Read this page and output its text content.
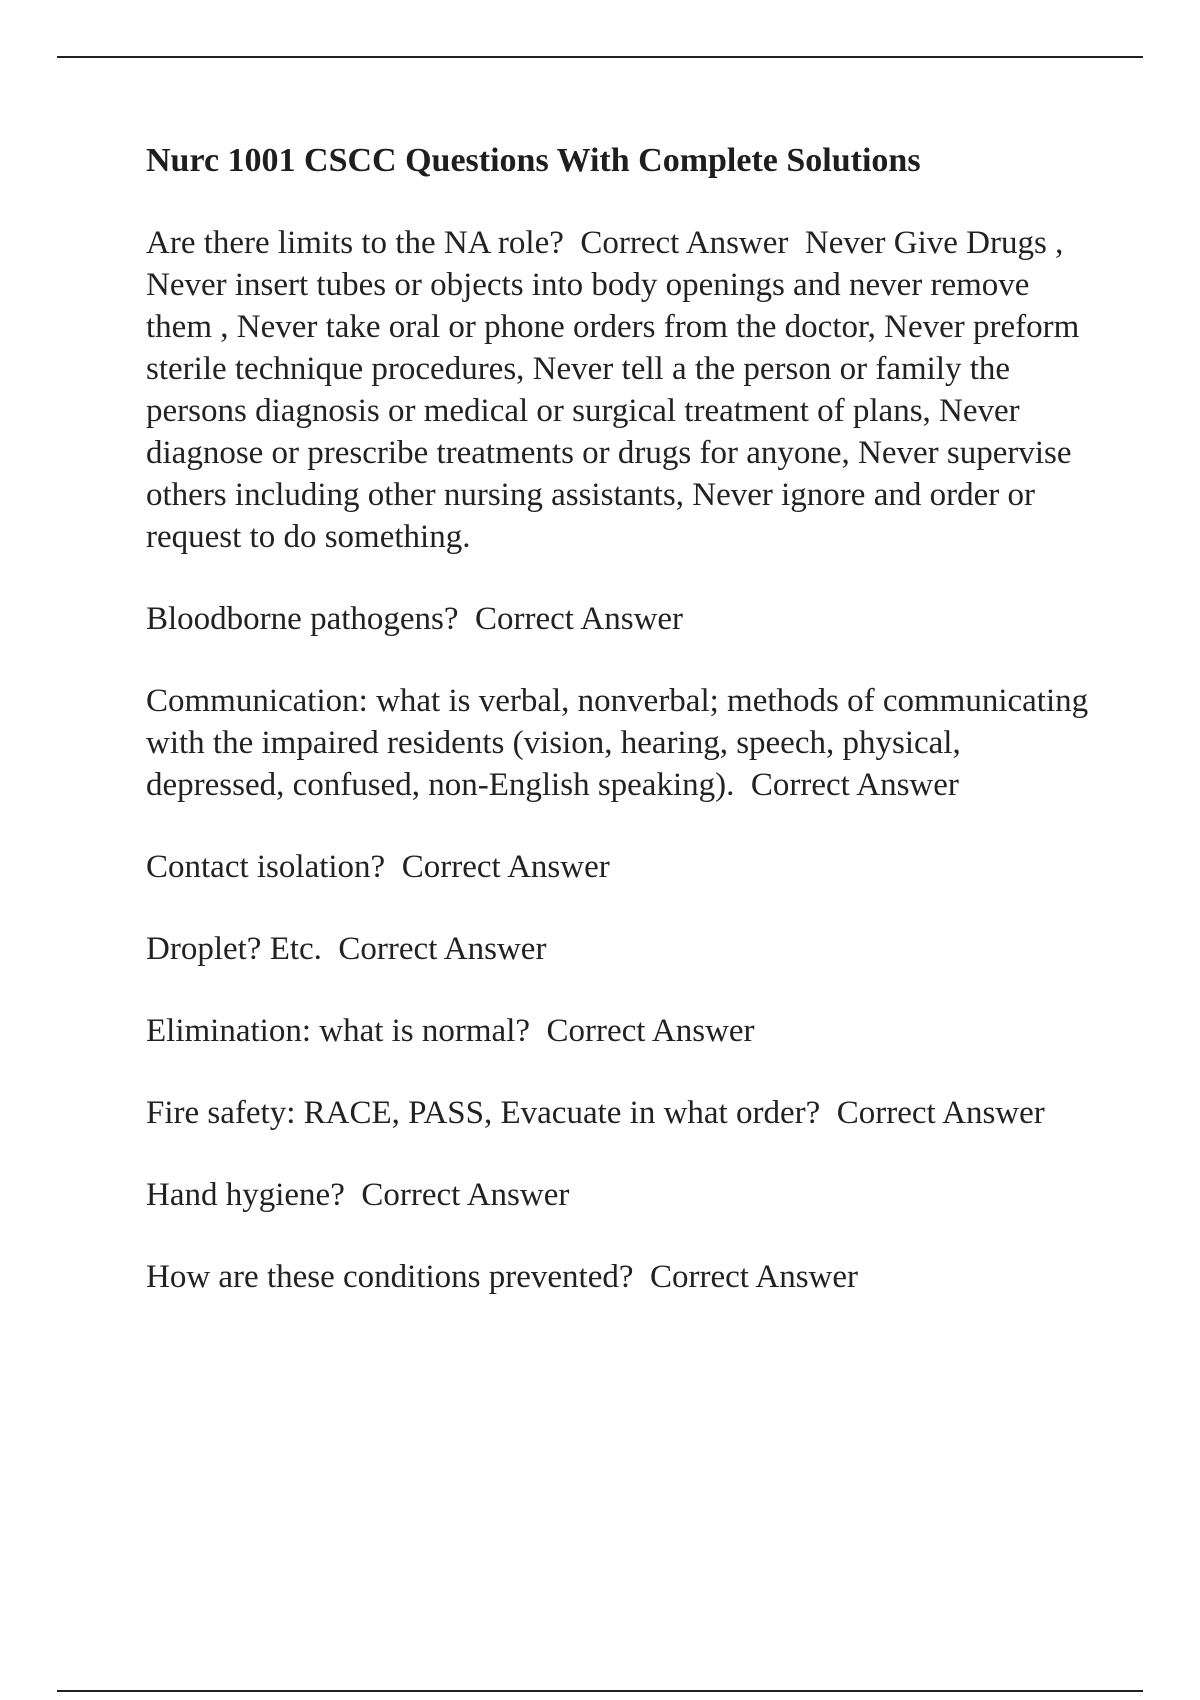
Nurc 1001 CSCC Questions With Complete Solutions

Are there limits to the NA role?  Correct Answer  Never Give Drugs , Never insert tubes or objects into body openings and never remove them , Never take oral or phone orders from the doctor, Never preform sterile technique procedures, Never tell a the person or family the persons diagnosis or medical or surgical treatment of plans, Never diagnose or prescribe treatments or drugs for anyone, Never supervise others including other nursing assistants, Never ignore and order or request to do something.

Bloodborne pathogens?  Correct Answer

Communication: what is verbal, nonverbal; methods of communicating with the impaired residents (vision, hearing, speech, physical, depressed, confused, non-English speaking).  Correct Answer

Contact isolation?  Correct Answer

Droplet? Etc.  Correct Answer

Elimination: what is normal?  Correct Answer

Fire safety: RACE, PASS, Evacuate in what order?  Correct Answer

Hand hygiene?  Correct Answer

How are these conditions prevented?  Correct Answer
